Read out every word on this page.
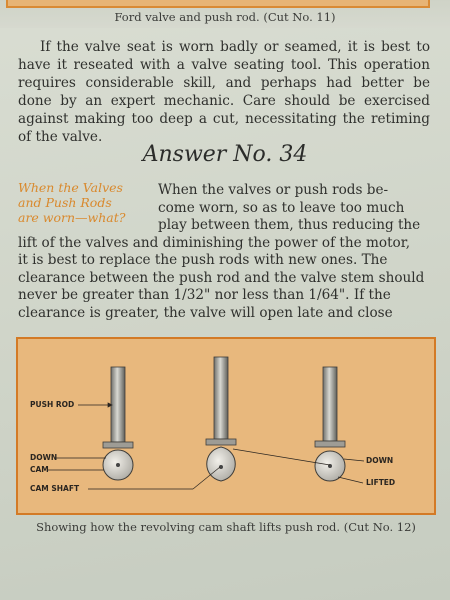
Ford valve and push rod. (Cut No. 11)
If the valve seat is worn badly or seamed, it is best to have it reseated with a valve seating tool. This operation requires considerable skill, and perhaps had better be done by an expert mechanic. Care should be exercised against making too deep a cut, necessitating the retiming of the valve.
Answer No. 34
When the Valves
and Push Rods
are worn—what?
When the valves or push rods be-
come worn, so as to leave too much
play between them, thus reducing the
lift of the valves and diminishing the power of the motor,
it is best to replace the push rods with new ones. The
clearance between the push rod and the valve stem should
never be greater than 1/32" nor less than 1/64". If the
clearance is greater, the valve will open late and close
PUSH ROD
DOWN
CAM
CAM SHAFT
DOWN
LIFTED
Showing how the revolving cam shaft lifts push rod. (Cut No. 12)
